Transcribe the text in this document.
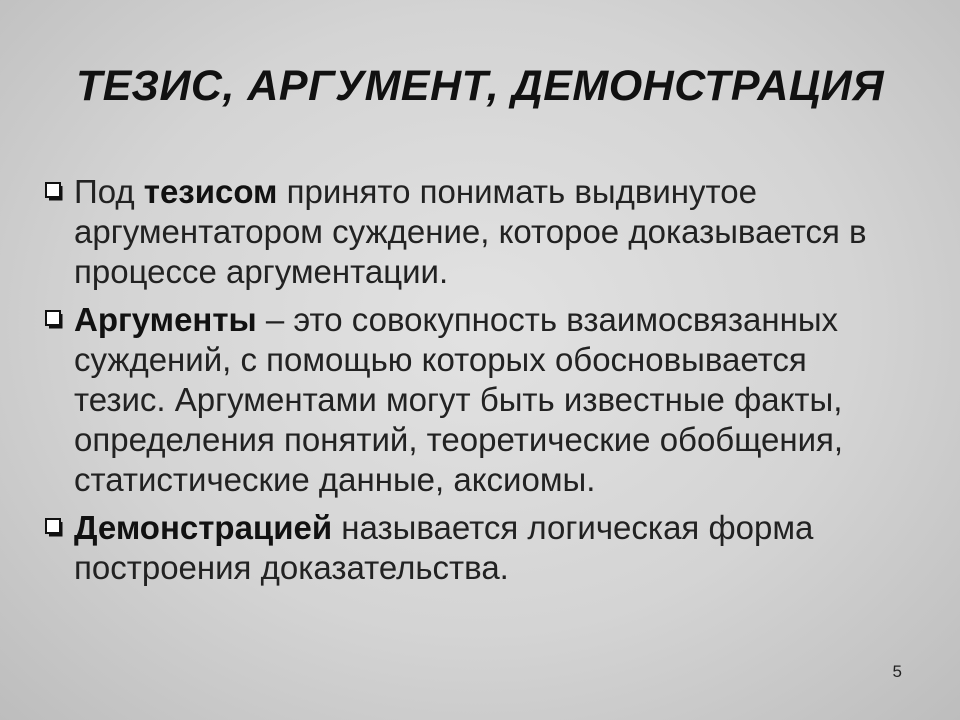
ТЕЗИС, АРГУМЕНТ, ДЕМОНСТРАЦИЯ
Под тезисом принято понимать выдвинутое аргументатором суждение, которое доказывается в процессе аргументации.
Аргументы – это совокупность взаимосвязанных суждений, с помощью которых обосновывается тезис. Аргументами могут быть известные факты, определения понятий, теоретические обобщения, статистические данные, аксиомы.
Демонстрацией называется логическая форма построения доказательства.
5
